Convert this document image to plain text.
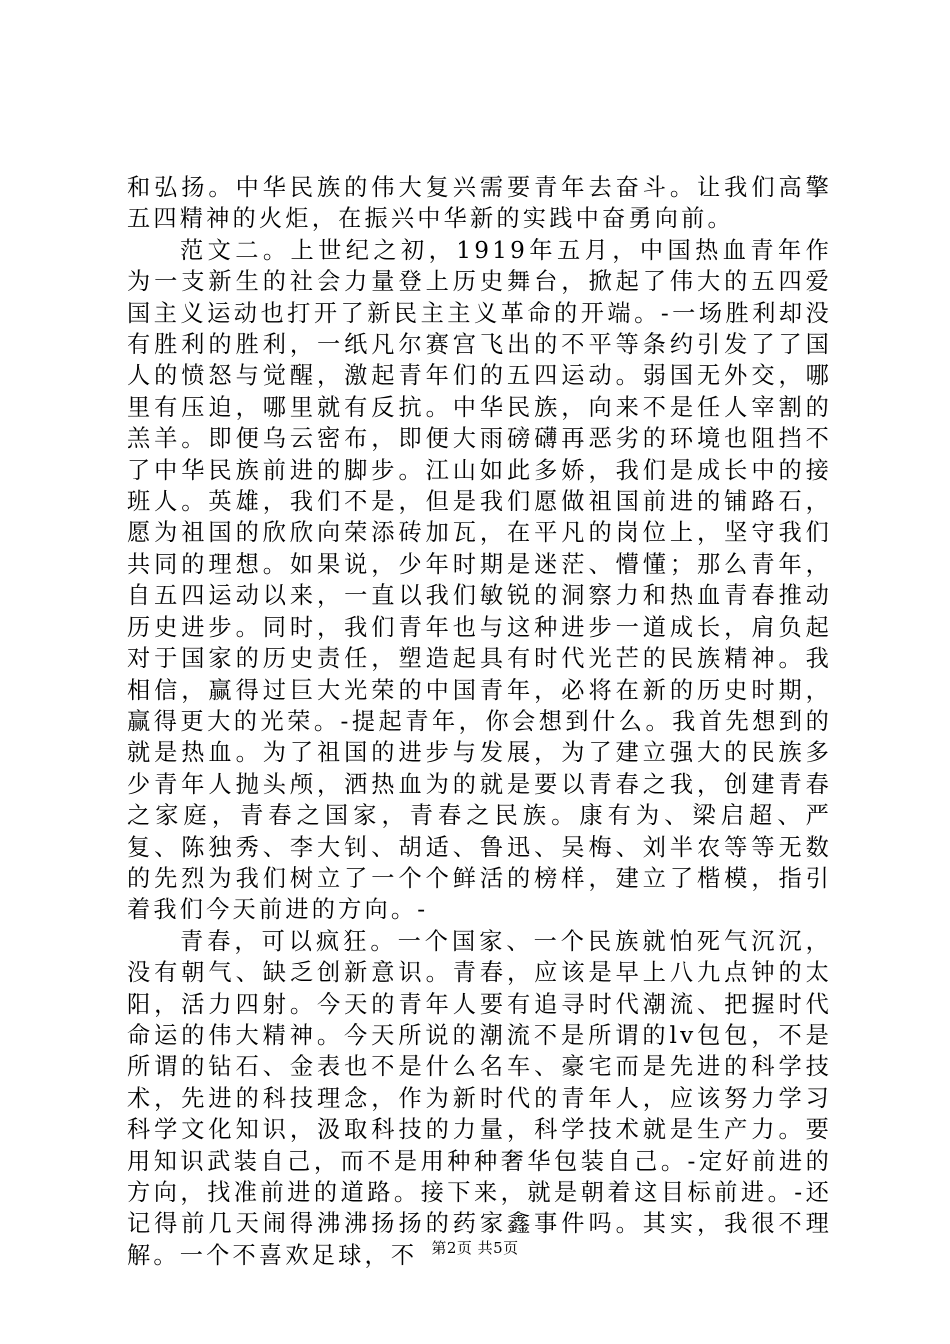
和弘扬。中华民族的伟大复兴需要青年去奋斗。让我们高擎五四精神的火炬，在振兴中华新的实践中奋勇向前。

范文二。上世纪之初，1919年五月，中国热血青年作为一支新生的社会力量登上历史舞台，掀起了伟大的五四爱国主义运动也打开了新民主主义革命的开端。-一场胜利却没有胜利的胜利，一纸凡尔赛宫飞出的不平等条约引发了了国人的愤怒与觉醒，激起青年们的五四运动。弱国无外交，哪里有压迫，哪里就有反抗。中华民族，向来不是任人宰割的羔羊。即便乌云密布，即便大雨磅礴再恶劣的环境也阻挡不了中华民族前进的脚步。江山如此多娇，我们是成长中的接班人。英雄，我们不是，但是我们愿做祖国前进的铺路石，愿为祖国的欣欣向荣添砖加瓦，在平凡的岗位上，坚守我们共同的理想。如果说，少年时期是迷茫、懵懂；那么青年，自五四运动以来，一直以我们敏锐的洞察力和热血青春推动历史进步。同时，我们青年也与这种进步一道成长，肩负起对于国家的历史责任，塑造起具有时代光芒的民族精神。我相信，赢得过巨大光荣的中国青年，必将在新的历史时期，赢得更大的光荣。-提起青年，你会想到什么。我首先想到的就是热血。为了祖国的进步与发展，为了建立强大的民族多少青年人抛头颅，洒热血为的就是要以青春之我，创建青春之家庭，青春之国家，青春之民族。康有为、梁启超、严复、陈独秀、李大钊、胡适、鲁迅、吴梅、刘半农等等无数的先烈为我们树立了一个个鲜活的榜样，建立了楷模，指引着我们今天前进的方向。-

青春，可以疯狂。一个国家、一个民族就怕死气沉沉，没有朝气、缺乏创新意识。青春，应该是早上八九点钟的太阳，活力四射。今天的青年人要有追寻时代潮流、把握时代命运的伟大精神。今天所说的潮流不是所谓的lv包包，不是所谓的钻石、金表也不是什么名车、豪宅而是先进的科学技术，先进的科技理念，作为新时代的青年人，应该努力学习科学文化知识，汲取科技的力量，科学技术就是生产力。要用知识武装自己，而不是用种种奢华包装自己。-定好前进的方向，找准前进的道路。接下来，就是朝着这目标前进。-还记得前几天闹得沸沸扬扬的药家鑫事件吗。其实，我很不理解。一个不喜欢足球，不 第2页 共5页
